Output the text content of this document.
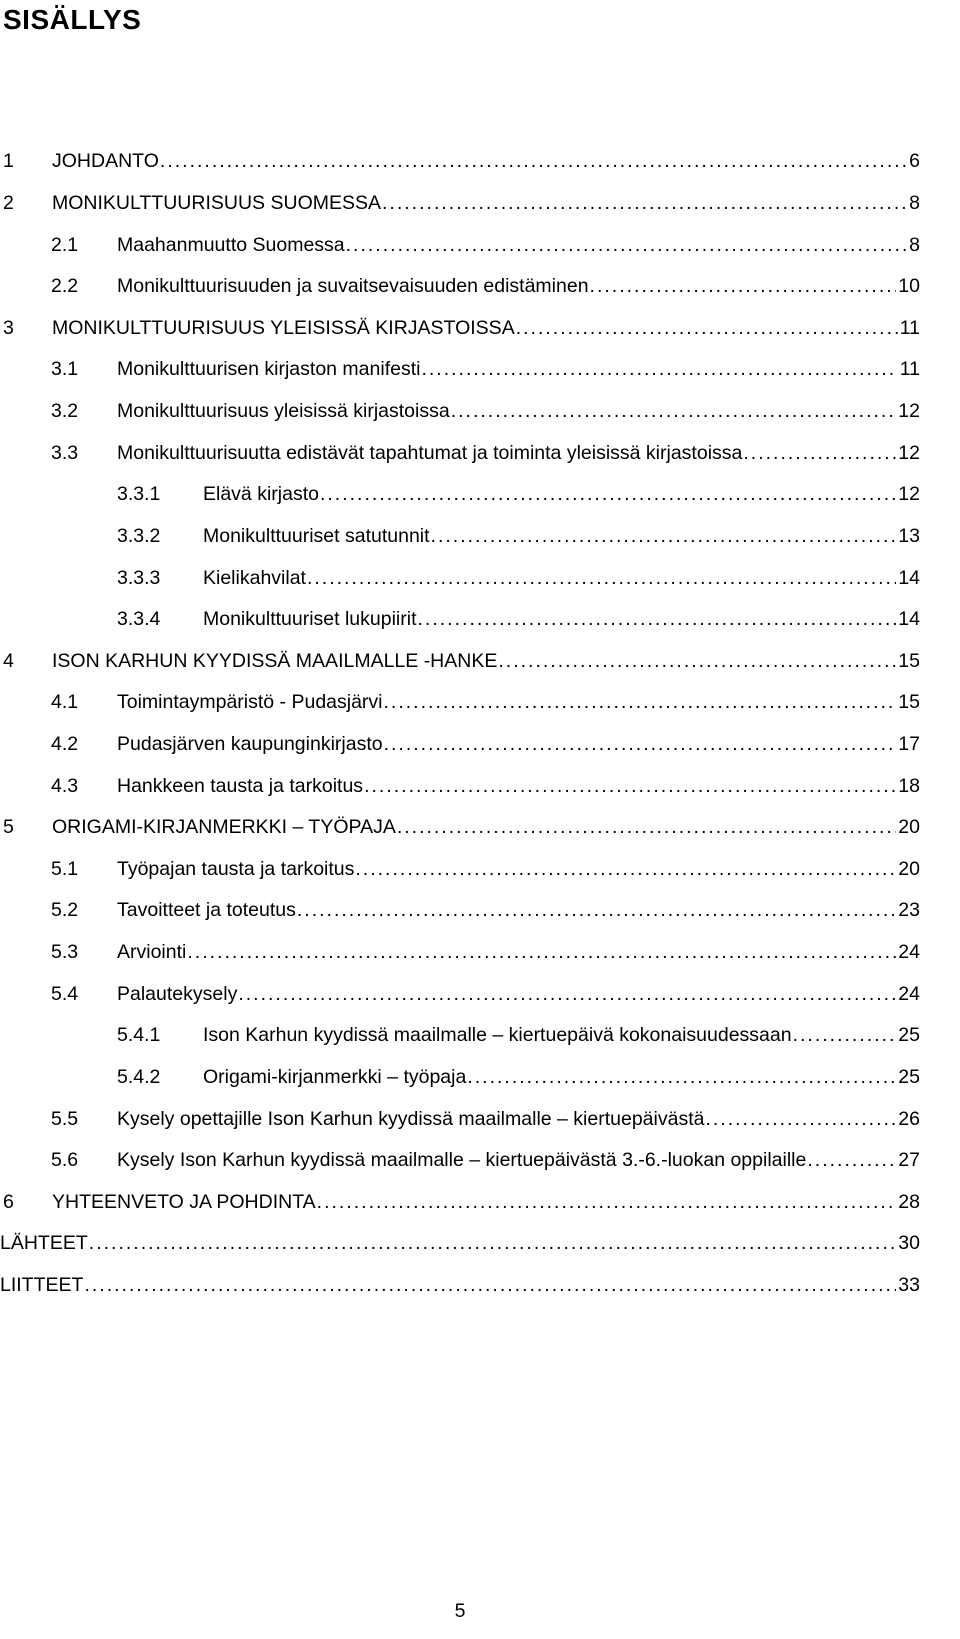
SISÄLLYS
1	JOHDANTO .....	6
2	MONIKULTTUURISUUS SUOMESSA .....	8
2.1	Maahanmuutto Suomessa .....	8
2.2	Monikulttuurisuuden ja suvaitsevaisuuden edistäminen .....	10
3	MONIKULTTUURISUUS YLEISISSÄ KIRJASTOISSA .....	11
3.1	Monikulttuurisen kirjaston manifesti .....	11
3.2	Monikulttuurisuus yleisissä kirjastoissa .....	12
3.3	Monikulttuurisuutta edistävät tapahtumat ja toiminta yleisissä kirjastoissa .....	12
3.3.1	Elävä kirjasto .....	12
3.3.2	Monikulttuuriset satutunnit .....	13
3.3.3	Kielikahvilat .....	14
3.3.4	Monikulttuuriset lukupiirit .....	14
4	ISON KARHUN KYYDISSÄ MAAILMALLE -HANKE .....	15
4.1	Toimintaympäristö - Pudasjärvi .....	15
4.2	Pudasjärven kaupunginkirjasto .....	17
4.3	Hankkeen tausta ja tarkoitus .....	18
5	ORIGAMI-KIRJANMERKKI – TYÖPAJA .....	20
5.1	Työpajan tausta ja tarkoitus .....	20
5.2	Tavoitteet ja toteutus .....	23
5.3	Arviointi .....	24
5.4	Palautekysely .....	24
5.4.1	Ison Karhun kyydissä maailmalle – kiertuepäivä kokonaisuudessaan .....	25
5.4.2	Origami-kirjanmerkki – työpaja .....	25
5.5	Kysely opettajille Ison Karhun kyydissä maailmalle – kiertuepäivästä .....	26
5.6	Kysely Ison Karhun kyydissä maailmalle – kiertuepäivästä 3.-6.-luokan oppilaille .....	27
6	YHTEENVETO JA POHDINTA .....	28
LÄHTEET .....	30
LIITTEET .....	33
5
